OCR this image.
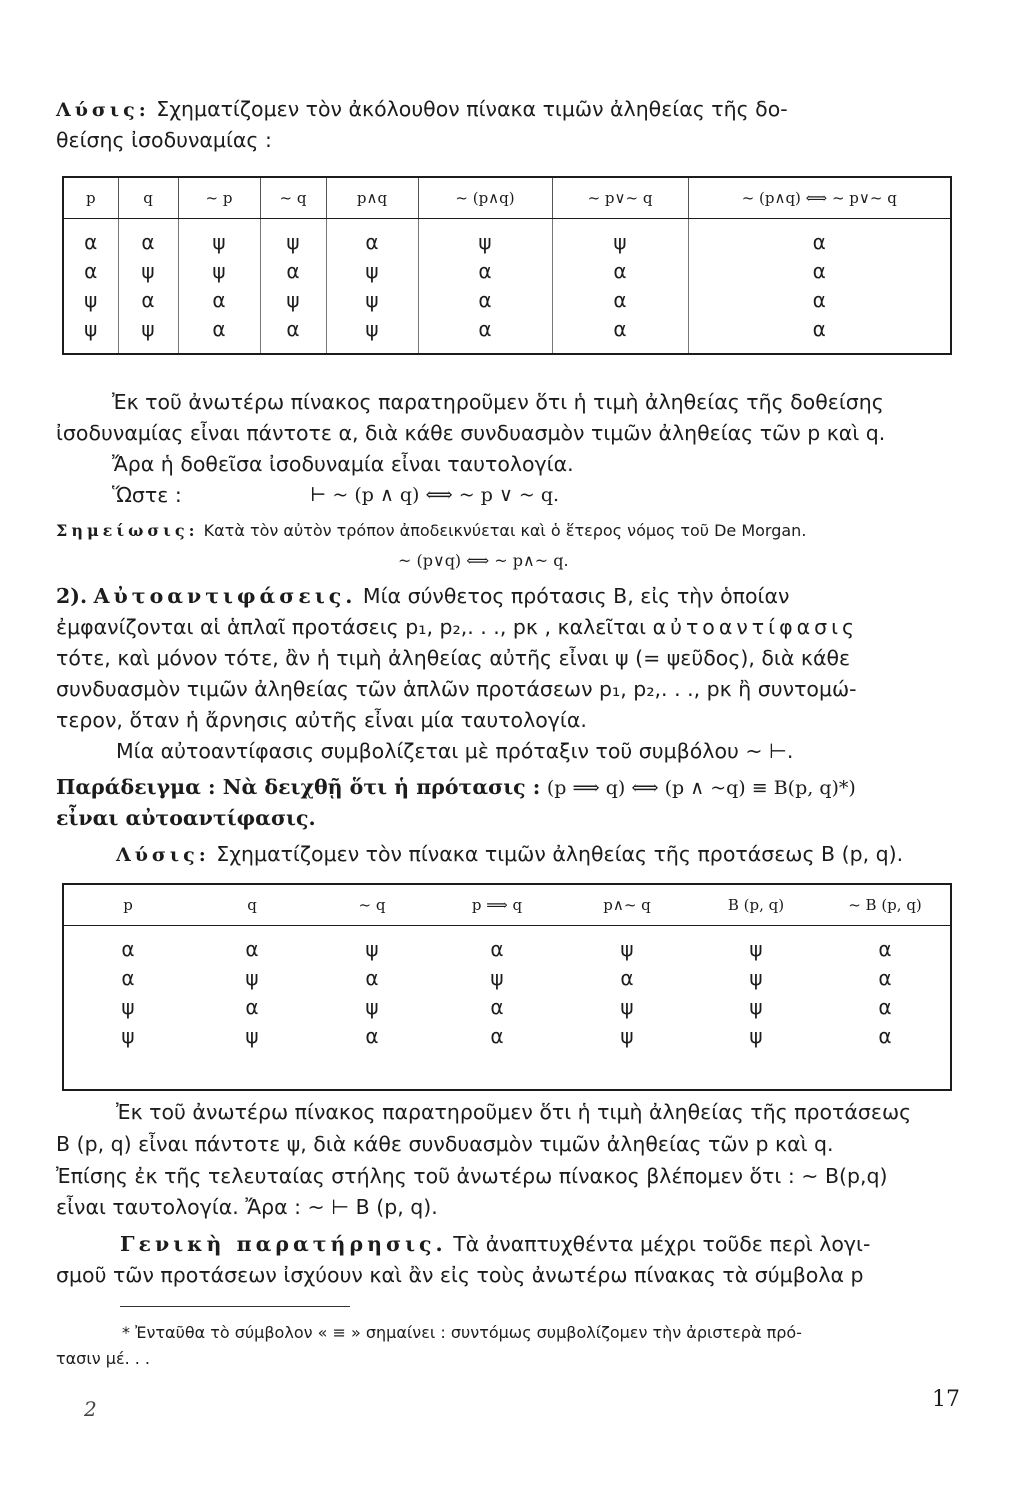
Λύσις: Σχηματίζομεν τὸν ἀκόλουθον πίνακα τιμῶν ἀληθείας τῆς δο-

θείσης ἰσοδυναμίας :

p	q	~ p	~ q	p∧q	~ (p∧q)	~ p∨~ q	~ (p∧q) ⟺ ~ p∨~ q
α	α	ψ	ψ	α	ψ	ψ	α
α	ψ	ψ	α	ψ	α	α	α
ψ	α	α	ψ	ψ	α	α	α
ψ	ψ	α	α	ψ	α	α	α

Ἐκ τοῦ ἀνωτέρω πίνακος παρατηροῦμεν ὅτι ἡ τιμὴ ἀληθείας τῆς δοθείσης

ἰσοδυναμίας εἶναι πάντοτε α, διὰ κάθε συνδυασμὸν τιμῶν ἀληθείας τῶν p καὶ q.

Ἄρα ἡ δοθεῖσα ἰσοδυναμία εἶναι ταυτολογία.

Ὥστε :	⊢ ~ (p ∧ q) ⟺ ~ p ∨ ~ q.

Σημείωσις: Κατὰ τὸν αὐτὸν τρόπον ἀποδεικνύεται καὶ ὁ ἕτερος νόμος τοῦ De Morgan.

~ (p∨q) ⟺ ~ p∧~ q.

2). Αὐτοαντιφάσεις. Μία σύνθετος πρότασις B, εἰς τὴν ὁποίαν

ἐμφανίζονται αἱ ἁπλαῖ προτάσεις p₁, p₂,. . ., pκ , καλεῖται αὐτοαντίφασις

τότε, καὶ μόνον τότε, ἂν ἡ τιμὴ ἀληθείας αὐτῆς εἶναι ψ (= ψεῦδος), διὰ κάθε

συνδυασμὸν τιμῶν ἀληθείας τῶν ἁπλῶν προτάσεων p₁, p₂,. . ., pκ ἢ συντομώ-

τερον, ὅταν ἡ ἄρνησις αὐτῆς εἶναι μία ταυτολογία.

Μία αὐτοαντίφασις συμβολίζεται μὲ πρόταξιν τοῦ συμβόλου ~ ⊢.

Παράδειγμα : Νὰ δειχθῇ ὅτι ἡ πρότασις : (p ⟹ q) ⟺ (p ∧ ~q) ≡ B(p, q)*)

εἶναι αὐτοαντίφασις.

Λύσις: Σχηματίζομεν τὸν πίνακα τιμῶν ἀληθείας τῆς προτάσεως B (p, q).

p	q	~ q	p ⟹ q	p∧~ q	B (p, q)	~ B (p, q)
α	α	ψ	α	ψ	ψ	α
α	ψ	α	ψ	α	ψ	α
ψ	α	ψ	α	ψ	ψ	α
ψ	ψ	α	α	ψ	ψ	α

Ἐκ τοῦ ἀνωτέρω πίνακος παρατηροῦμεν ὅτι ἡ τιμὴ ἀληθείας τῆς προτάσεως

B (p, q) εἶναι πάντοτε ψ, διὰ κάθε συνδυασμὸν τιμῶν ἀληθείας τῶν p καὶ q.

Ἐπίσης ἐκ τῆς τελευταίας στήλης τοῦ ἀνωτέρω πίνακος βλέπομεν ὅτι : ~ B(p,q)

εἶναι ταυτολογία. Ἄρα : ~ ⊢ B (p, q).

Γενικὴ παρατήρησις. Τὰ ἀναπτυχθέντα μέχρι τοῦδε περὶ λογι-

σμοῦ τῶν προτάσεων ἰσχύουν καὶ ἂν εἰς τοὺς ἀνωτέρω πίνακας τὰ σύμβολα p

* Ἐνταῦθα τὸ σύμβολον « ≡ » σημαίνει : συντόμως συμβολίζομεν τὴν ἀριστερὰ πρό-

τασιν μέ. . .

2	17
